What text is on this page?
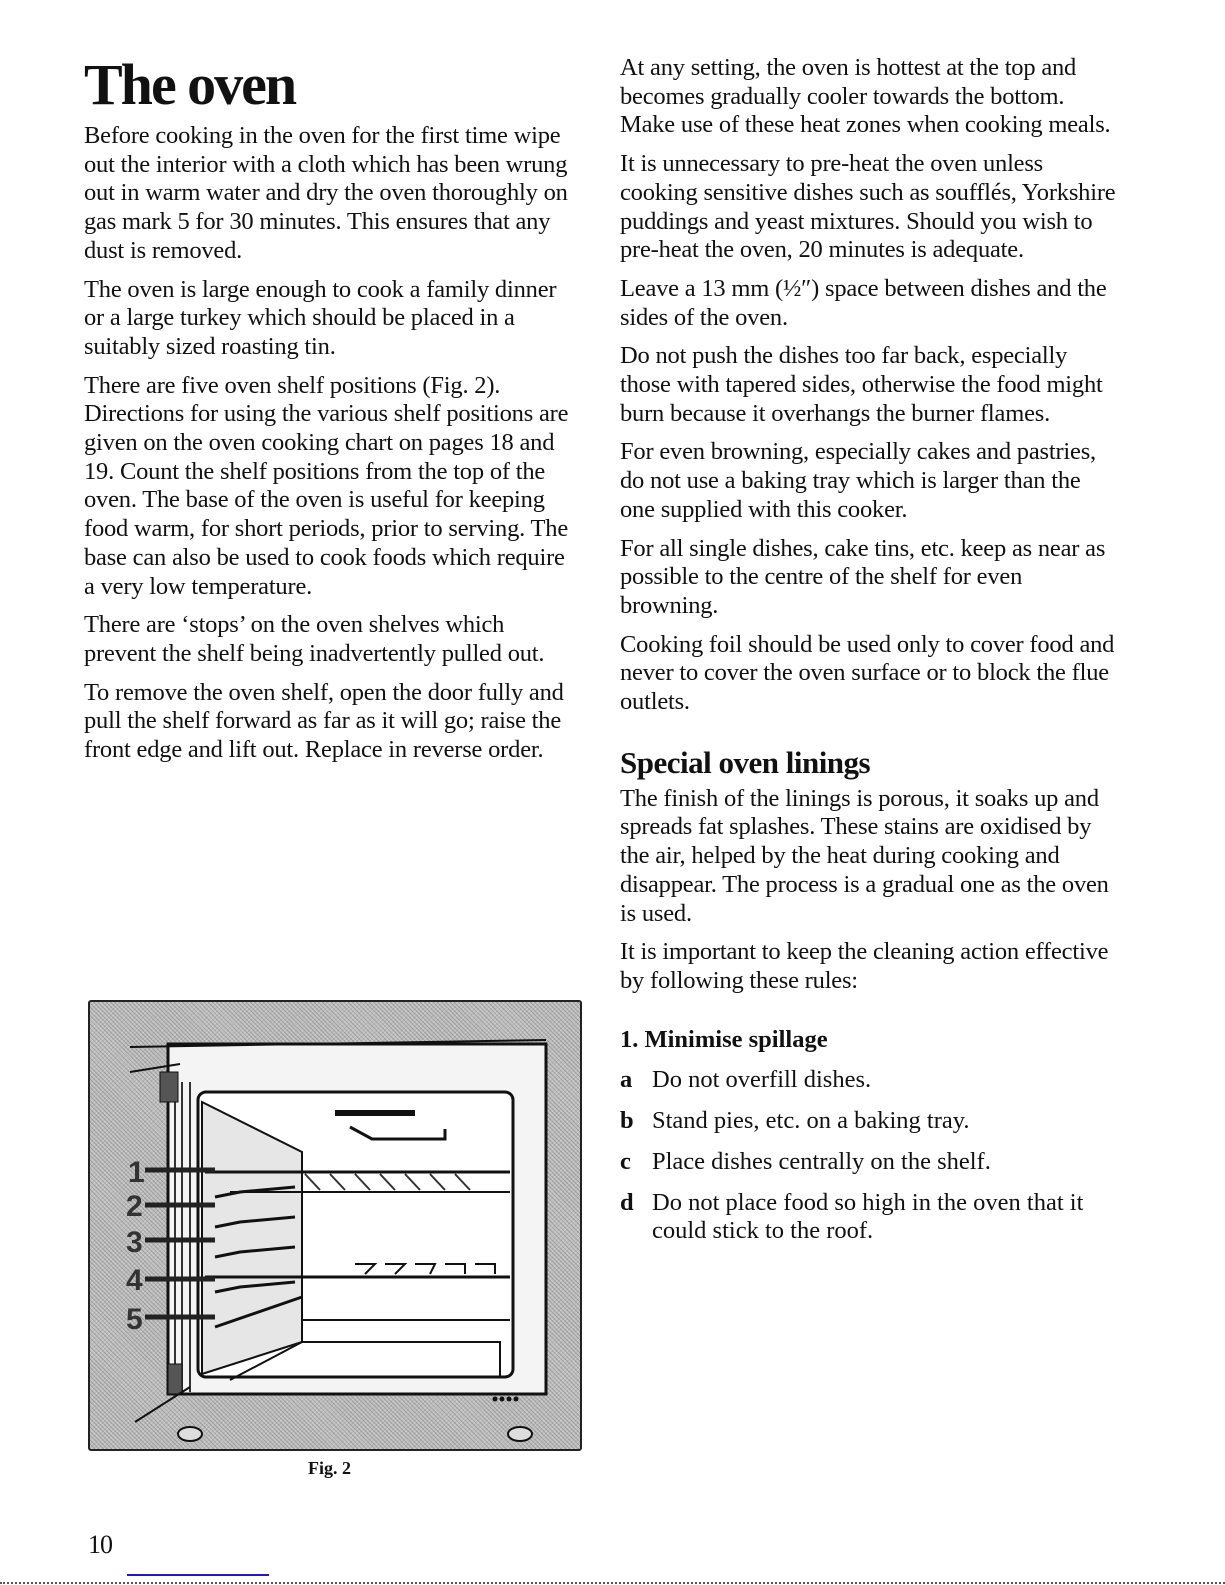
The oven

Before cooking in the oven for the first time wipe out the interior with a cloth which has been wrung out in warm water and dry the oven thoroughly on gas mark 5 for 30 minutes. This ensures that any dust is removed.

The oven is large enough to cook a family dinner or a large turkey which should be placed in a suitably sized roasting tin.

There are five oven shelf positions (Fig. 2). Directions for using the various shelf positions are given on the oven cooking chart on pages 18 and 19. Count the shelf positions from the top of the oven. The base of the oven is useful for keeping food warm, for short periods, prior to serving. The base can also be used to cook foods which require a very low temperature.

There are ‘stops’ on the oven shelves which prevent the shelf being inadvertently pulled out.

To remove the oven shelf, open the door fully and pull the shelf forward as far as it will go; raise the front edge and lift out. Replace in reverse order.

1
2
3
4
5
Fig. 2

At any setting, the oven is hottest at the top and becomes gradually cooler towards the bottom. Make use of these heat zones when cooking meals.

It is unnecessary to pre-heat the oven unless cooking sensitive dishes such as soufflés, Yorkshire puddings and yeast mixtures. Should you wish to pre-heat the oven, 20 minutes is adequate.

Leave a 13 mm (½″) space between dishes and the sides of the oven.

Do not push the dishes too far back, especially those with tapered sides, otherwise the food might burn because it overhangs the burner flames.

For even browning, especially cakes and pastries, do not use a baking tray which is larger than the one supplied with this cooker.

For all single dishes, cake tins, etc. keep as near as possible to the centre of the shelf for even browning.

Cooking foil should be used only to cover food and never to cover the oven surface or to block the flue outlets.

Special oven linings

The finish of the linings is porous, it soaks up and spreads fat splashes. These stains are oxidised by the air, helped by the heat during cooking and disappear. The process is a gradual one as the oven is used.

It is important to keep the cleaning action effective by following these rules:

1. Minimise spillage
a Do not overfill dishes.
b Stand pies, etc. on a baking tray.
c Place dishes centrally on the shelf.
d Do not place food so high in the oven that it could stick to the roof.
10
